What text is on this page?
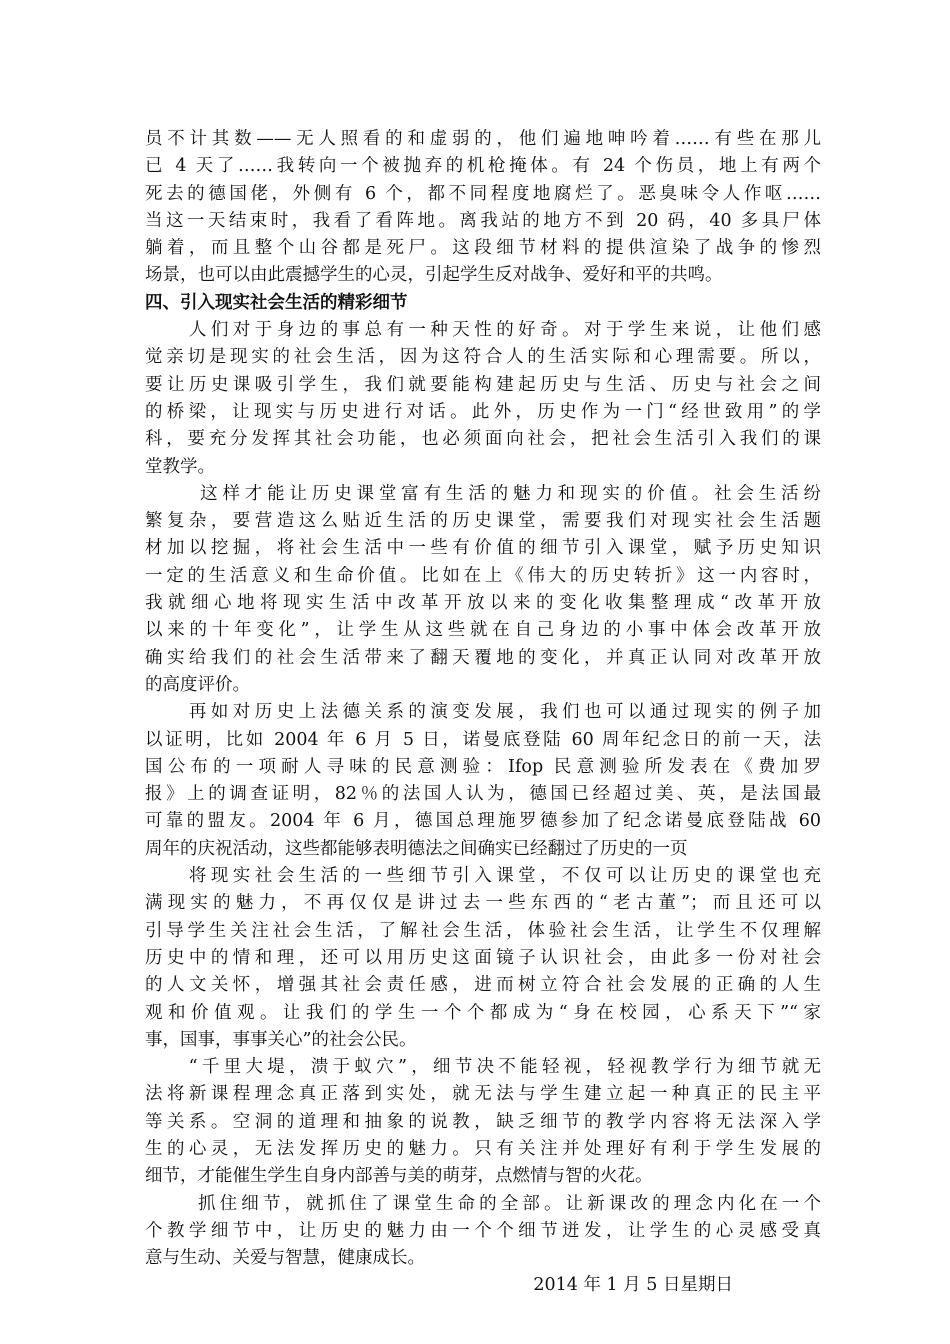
员不计其数——无人照看的和虚弱的，他们遍地呻吟着……有些在那儿
已 4 天了……我转向一个被抛弃的机枪掩体。有 24 个伤员，地上有两个
死去的德国佬，外侧有 6 个，都不同程度地腐烂了。恶臭味令人作呕……
当这一天结束时，我看了看阵地。离我站的地方不到 20 码，40 多具尸体
躺着，而且整个山谷都是死尸。这段细节材料的提供渲染了战争的惨烈
场景，也可以由此震撼学生的心灵，引起学生反对战争、爱好和平的共鸣。
四、引入现实社会生活的精彩细节
　　人们对于身边的事总有一种天性的好奇。对于学生来说，让他们感
觉亲切是现实的社会生活，因为这符合人的生活实际和心理需要。所以，
要让历史课吸引学生，我们就要能构建起历史与生活、历史与社会之间
的桥梁，让现实与历史进行对话。此外，历史作为一门“经世致用”的学
科，要充分发挥其社会功能，也必须面向社会，把社会生活引入我们的课
堂教学。
　　 这样才能让历史课堂富有生活的魅力和现实的价值。社会生活纷
繁复杂，要营造这么贴近生活的历史课堂，需要我们对现实社会生活题
材加以挖掘，将社会生活中一些有价值的细节引入课堂，赋予历史知识
一定的生活意义和生命价值。比如在上《伟大的历史转折》这一内容时，
我就细心地将现实生活中改革开放以来的变化收集整理成“改革开放
以来的十年变化”，让学生从这些就在自己身边的小事中体会改革开放
确实给我们的社会生活带来了翻天覆地的变化，并真正认同对改革开放
的高度评价。
　　再如对历史上法德关系的演变发展，我们也可以通过现实的例子加
以证明，比如 2004 年 6 月 5 日，诺曼底登陆 60 周年纪念日的前一天，法
国公布的一项耐人寻味的民意测验：Ifop 民意测验所发表在《费加罗
报》上的调查证明，82％的法国人认为，德国已经超过美、英，是法国最
可靠的盟友。2004 年 6 月，德国总理施罗德参加了纪念诺曼底登陆战 60
周年的庆祝活动，这些都能够表明德法之间确实已经翻过了历史的一页
　　将现实社会生活的一些细节引入课堂，不仅可以让历史的课堂也充
满现实的魅力，不再仅仅是讲过去一些东西的“老古董”；而且还可以
引导学生关注社会生活，了解社会生活，体验社会生活，让学生不仅理解
历史中的情和理，还可以用历史这面镜子认识社会，由此多一份对社会
的人文关怀，增强其社会责任感，进而树立符合社会发展的正确的人生
观和价值观。让我们的学生一个个都成为“身在校园，心系天下”“家
事，国事，事事关心”的社会公民。
　　“千里大堤，溃于蚁穴”，细节决不能轻视，轻视教学行为细节就无
法将新课程理念真正落到实处，就无法与学生建立起一种真正的民主平
等关系。空洞的道理和抽象的说教，缺乏细节的教学内容将无法深入学
生的心灵，无法发挥历史的魅力。只有关注并处理好有利于学生发展的
细节，才能催生学生自身内部善与美的萌芽，点燃情与智的火花。
　　 抓住细节，就抓住了课堂生命的全部。让新课改的理念内化在一个
个教学细节中，让历史的魅力由一个个细节迸发，让学生的心灵感受真
意与生动、关爱与智慧，健康成长。
2014 年 1 月 5 日星期日
